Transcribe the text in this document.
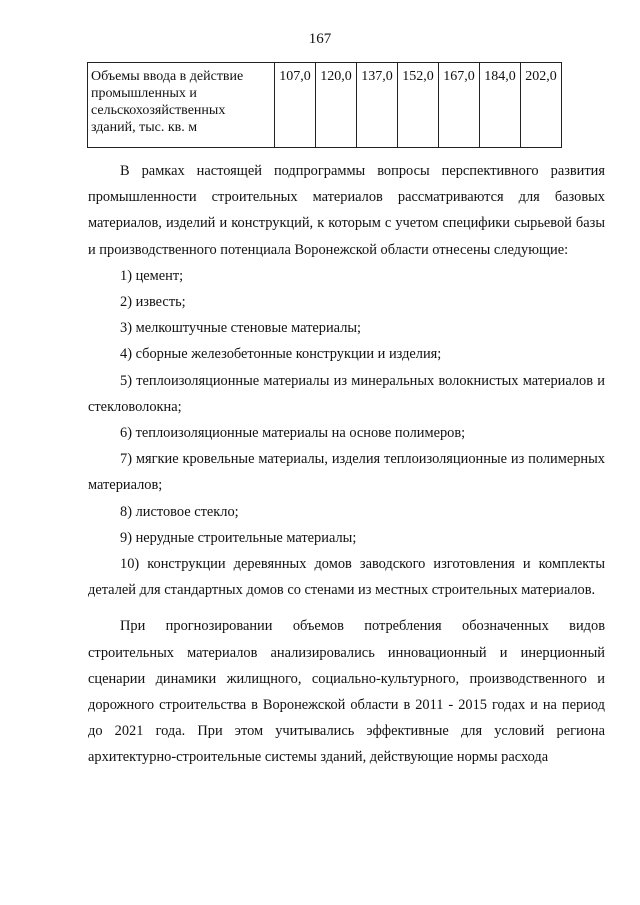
167
Объемы ввода в действие промышленных и сельскохозяйственных зданий, тыс. кв. м	107,0	120,0	137,0	152,0	167,0	184,0	202,0

В рамках настоящей подпрограммы вопросы перспективного развития промышленности строительных материалов рассматриваются для базовых материалов, изделий и конструкций, к которым с учетом специфики сырьевой базы и производственного потенциала Воронежской области отнесены следующие:

1) цемент;

2) известь;

3) мелкоштучные стеновые материалы;

4) сборные железобетонные конструкции и изделия;

5) теплоизоляционные материалы из минеральных волокнистых материалов и стекловолокна;

6) теплоизоляционные материалы на основе полимеров;

7) мягкие кровельные материалы, изделия теплоизоляционные из полимерных материалов;

8) листовое стекло;

9) нерудные строительные материалы;

10) конструкции деревянных домов заводского изготовления и комплекты деталей для стандартных домов со стенами из местных строительных материалов.

При прогнозировании объемов потребления обозначенных видов строительных материалов анализировались инновационный и инерционный сценарии динамики жилищного, социально-культурного, производственного и дорожного строительства в Воронежской области в 2011 - 2015 годах и на период до 2021 года. При этом учитывались эффективные для условий региона архитектурно-строительные системы зданий, действующие нормы расхода
